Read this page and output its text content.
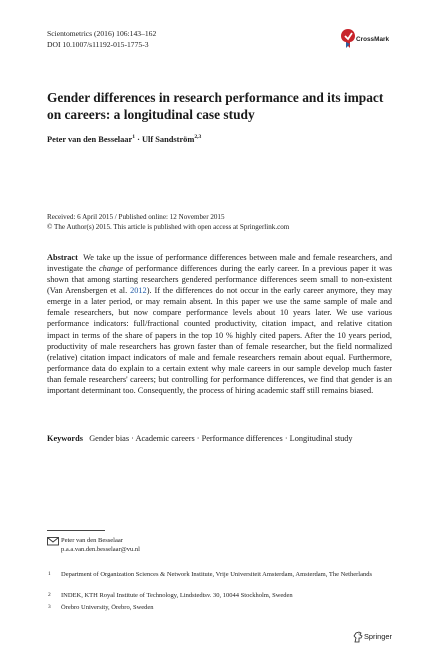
Scientometrics (2016) 106:143–162
DOI 10.1007/s11192-015-1775-3
CrossMark
Gender differences in research performance and its impact on careers: a longitudinal case study
Peter van den Besselaar$^1$ · Ulf Sandström$^{2,3}$
Received: 6 April 2015 / Published online: 12 November 2015
© The Author(s) 2015. This article is published with open access at Springerlink.com
Abstract We take up the issue of performance differences between male and female researchers, and investigate the change of performance differences during the early career. In a previous paper it was shown that among starting researchers gendered performance differences seem small to non-existent (Van Arensbergen et al. 2012). If the differences do not occur in the early career anymore, they may emerge in a later period, or may remain absent. In this paper we use the same sample of male and female researchers, but now compare performance levels about 10 years later. We use various performance indicators: full/fractional counted productivity, citation impact, and relative citation impact in terms of the share of papers in the top 10 % highly cited papers. After the 10 years period, productivity of male researchers has grown faster than of female researcher, but the field normalized (relative) citation impact indicators of male and female researchers remain about equal. Furthermore, performance data do explain to a certain extent why male careers in our sample develop much faster than female researchers' careers; but controlling for performance differences, we find that gender is an important determinant too. Consequently, the process of hiring academic staff still remains biased.
Keywords Gender bias · Academic careers · Performance differences · Longitudinal study
Peter van den Besselaar
p.a.a.van.den.besselaar@vu.nl
1 Department of Organization Sciences & Network Institute, Vrije Universiteit Amsterdam, Amsterdam, The Netherlands
2 INDEK, KTH Royal Institute of Technology, Lindstedtsv. 30, 10044 Stockholm, Sweden
3 Örebro University, Örebro, Sweden
Springer
